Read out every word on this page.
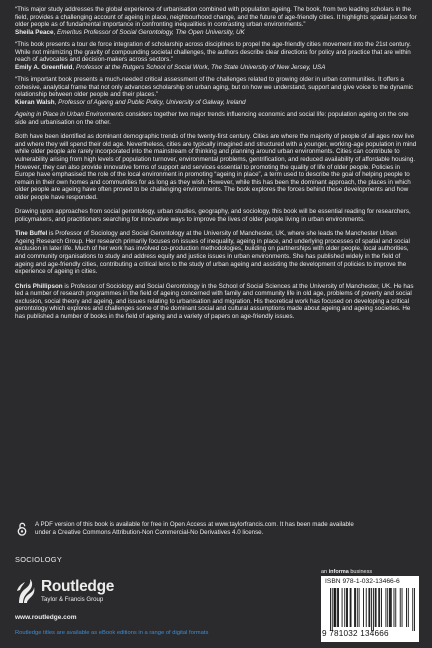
“This major study addresses the global experience of urbanisation combined with population ageing. The book, from two leading scholars in the field, provides a challenging account of ageing in place, neighbourhood change, and the future of age-friendly cities. It highlights spatial justice for older people as of fundamental importance in confronting inequalities in contrasting urban environments.”
Sheila Peace, Emeritus Professor of Social Gerontology, The Open University, UK
“This book presents a tour de force integration of scholarship across disciplines to propel the age-friendly cities movement into the 21st century. While not minimizing the gravity of compounding societal challenges, the authors describe clear directions for policy and practice that are within reach of advocates and decision-makers across sectors.”
Emily A. Greenfield, Professor at the Rutgers School of Social Work, The State University of New Jersey, USA
“This important book presents a much-needed critical assessment of the challenges related to growing older in urban communities. It offers a cohesive, analytical frame that not only advances scholarship on urban aging, but on how we understand, support and give voice to the dynamic relationship between older people and their places.”
Kieran Walsh, Professor of Ageing and Public Policy, University of Galway, Ireland

Ageing in Place in Urban Environments considers together two major trends influencing economic and social life: population ageing on the one side and urbanisation on the other.

Both have been identified as dominant demographic trends of the twenty-first century. Cities are where the majority of people of all ages now live and where they will spend their old age. Nevertheless, cities are typically imagined and structured with a younger, working-age population in mind while older people are rarely incorporated into the mainstream of thinking and planning around urban environments. Cities can contribute to vulnerability arising from high levels of population turnover, environmental problems, gentrification, and reduced availability of affordable housing. However, they can also provide innovative forms of support and services essential to promoting the quality of life of older people. Policies in Europe have emphasised the role of the local environment in promoting “ageing in place”, a term used to describe the goal of helping people to remain in their own homes and communities for as long as they wish. However, while this has been the dominant approach, the places in which older people are ageing have often proved to be challenging environments. The book explores the forces behind these developments and how older people have responded.

Drawing upon approaches from social gerontology, urban studies, geography, and sociology, this book will be essential reading for researchers, policymakers, and practitioners searching for innovative ways to improve the lives of older people living in urban environments.

Tine Buffel is Professor of Sociology and Social Gerontology at the University of Manchester, UK, where she leads the Manchester Urban Ageing Research Group. Her research primarily focuses on issues of inequality, ageing in place, and underlying processes of spatial and social exclusion in later life. Much of her work has involved co-production methodologies, building on partnerships with older people, local authorities, and community organisations to study and address equity and justice issues in urban environments. She has published widely in the field of ageing and age-friendly cities, contributing a critical lens to the study of urban ageing and assisting the development of policies to improve the experience of ageing in cities.

Chris Phillipson is Professor of Sociology and Social Gerontology in the School of Social Sciences at the University of Manchester, UK. He has led a number of research programmes in the field of ageing concerned with family and community life in old age, problems of poverty and social exclusion, social theory and ageing, and issues relating to urbanisation and migration. His theoretical work has focused on developing a critical gerontology which explores and challenges some of the dominant social and cultural assumptions made about ageing and ageing societies. He has published a number of books in the field of ageing and a variety of papers on age-friendly issues.

A PDF version of this book is available for free in Open Access at www.taylorfrancis.com. It has been made available
under a Creative Commons Attribution-Non Commercial-No Derivatives 4.0 license.
SOCIOLOGY
Routledge
Taylor & Francis Group
www.routledge.com
Routledge titles are available as eBook editions in a range of digital formats
an informa business
ISBN 978-1-032-13466-6
9 781032 134666
